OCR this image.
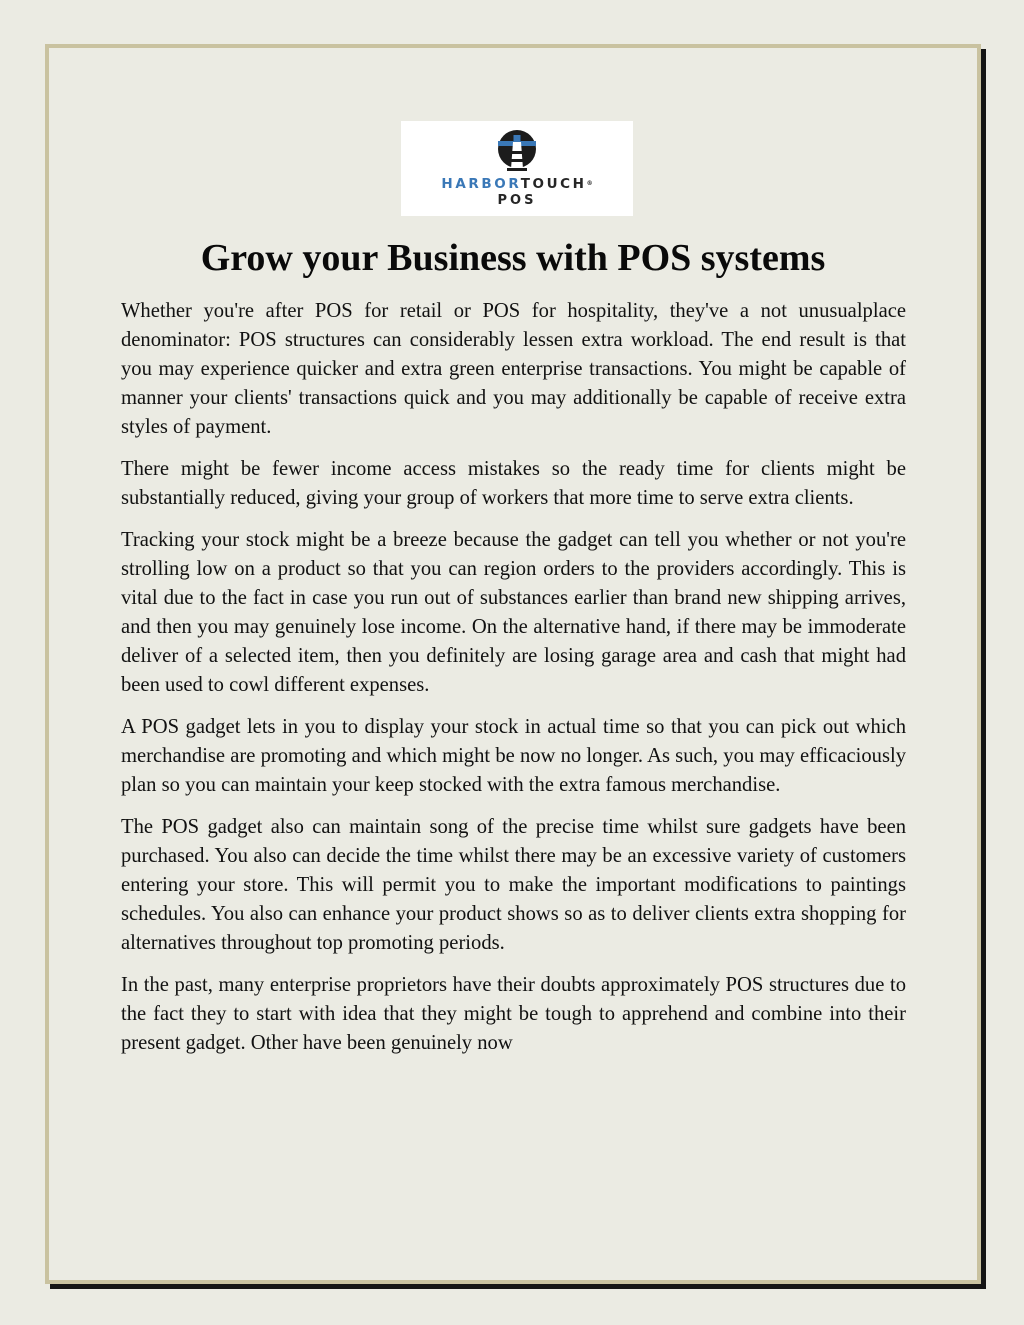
HARBORTOUCH®
POS
Grow your Business with POS systems

Whether you're after POS for retail or POS for hospitality, they've a not unusualplace denominator: POS structures can considerably lessen extra workload. The end result is that you may experience quicker and extra green enterprise transactions. You might be capable of manner your clients' transactions quick and you may additionally be capable of receive extra styles of payment.

There might be fewer income access mistakes so the ready time for clients might be substantially reduced, giving your group of workers that more time to serve extra clients.

Tracking your stock might be a breeze because the gadget can tell you whether or not you're strolling low on a product so that you can region orders to the providers accordingly. This is vital due to the fact in case you run out of substances earlier than brand new shipping arrives, and then you may genuinely lose income. On the alternative hand, if there may be immoderate deliver of a selected item, then you definitely are losing garage area and cash that might had been used to cowl different expenses.

A POS gadget lets in you to display your stock in actual time so that you can pick out which merchandise are promoting and which might be now no longer. As such, you may efficaciously plan so you can maintain your keep stocked with the extra famous merchandise.

The POS gadget also can maintain song of the precise time whilst sure gadgets have been purchased. You also can decide the time whilst there may be an excessive variety of customers entering your store. This will permit you to make the important modifications to paintings schedules. You also can enhance your product shows so as to deliver clients extra shopping for alternatives throughout top promoting periods.

In the past, many enterprise proprietors have their doubts approximately POS structures due to the fact they to start with idea that they might be tough to apprehend and combine into their present gadget. Other have been genuinely now
